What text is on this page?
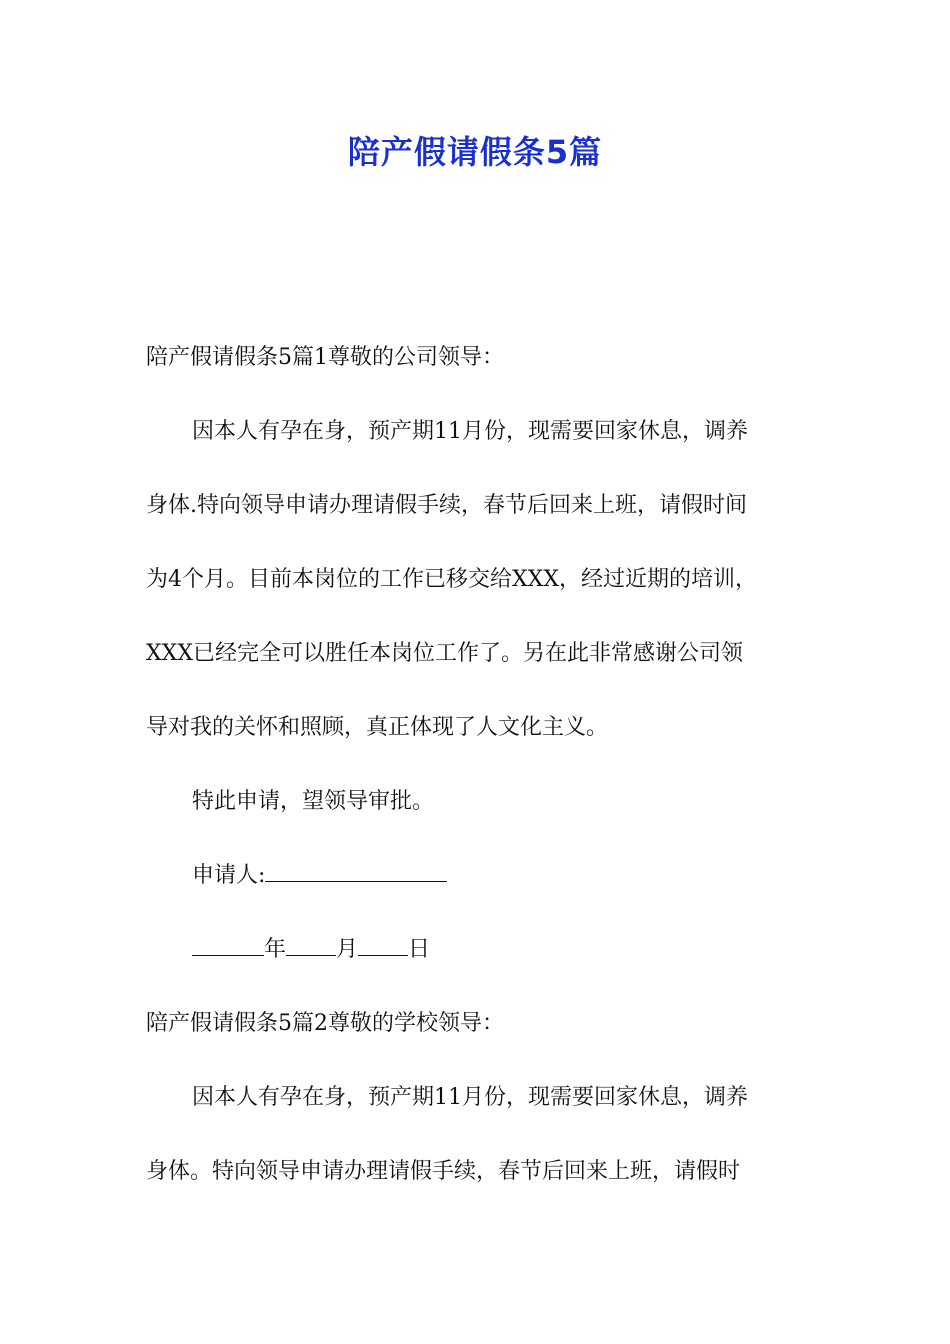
陪产假请假条5篇
陪产假请假条5篇1尊敬的公司领导：
因本人有孕在身，预产期11月份，现需要回家休息，调养
身体.特向领导申请办理请假手续，春节后回来上班，请假时间
为4个月。目前本岗位的工作已移交给XXX，经过近期的培训，
XXX已经完全可以胜任本岗位工作了。另在此非常感谢公司领
导对我的关怀和照顾，真正体现了人文化主义。
特此申请，望领导审批。
申请人:
年 月 日
陪产假请假条5篇2尊敬的学校领导：
因本人有孕在身，预产期11月份，现需要回家休息，调养
身体。特向领导申请办理请假手续，春节后回来上班，请假时
